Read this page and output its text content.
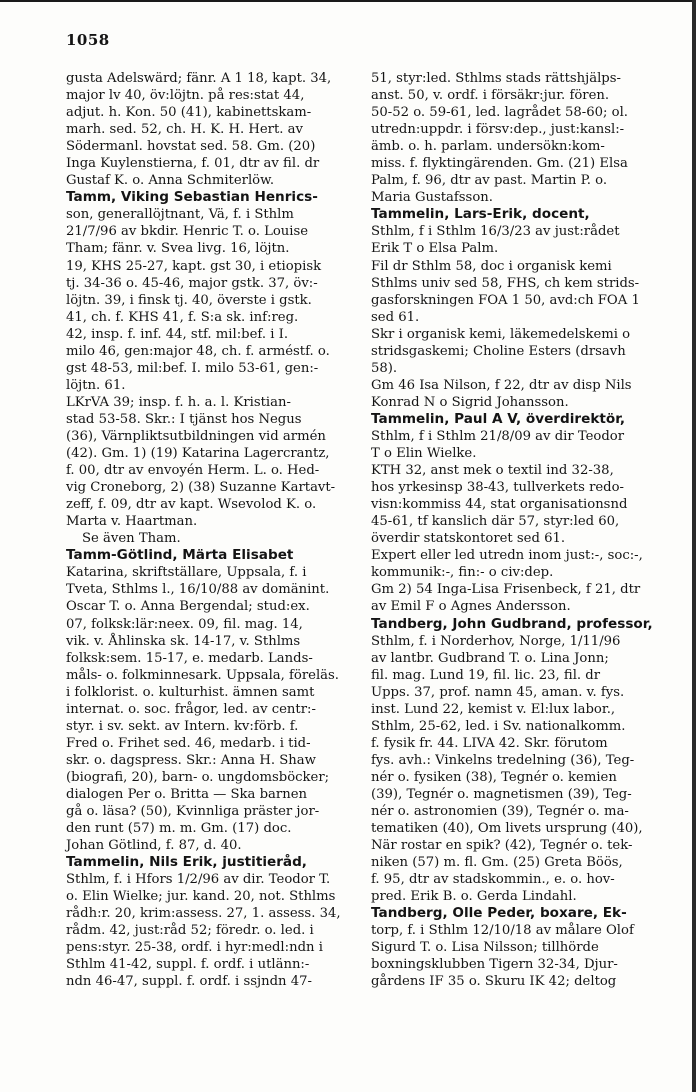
1058
gusta Adelswärd; fänr. A 1 18, kapt. 34,
major lv 40, öv:löjtn. på res:stat 44,
adjut. h. Kon. 50 (41), kabinettskam-
marh. sed. 52, ch. H. K. H. Hert. av
Södermanl. hovstat sed. 58. Gm. (20)
Inga Kuylenstierna, f. 01, dtr av fil. dr
Gustaf K. o. Anna Schmiterlöw.
Tamm, Viking Sebastian Henrics-
son, generallöjtnant, Vä, f. i Sthlm
21/7/96 av bkdir. Henric T. o. Louise
Tham; fänr. v. Svea livg. 16, löjtn.
19, KHS 25-27, kapt. gst 30, i etiopisk
tj. 34-36 o. 45-46, major gstk. 37, öv:-
löjtn. 39, i finsk tj. 40, överste i gstk.
41, ch. f. KHS 41, f. S:a sk. inf:reg.
42, insp. f. inf. 44, stf. mil:bef. i I.
milo 46, gen:major 48, ch. f. arméstf. o.
gst 48-53, mil:bef. I. milo 53-61, gen:-
löjtn. 61.
LKrVA 39; insp. f. h. a. l. Kristian-
stad 53-58. Skr.: I tjänst hos Negus
(36), Värnpliktsutbildningen vid armén
(42). Gm. 1) (19) Katarina Lagercrantz,
f. 00, dtr av envoyén Herm. L. o. Hed-
vig Croneborg, 2) (38) Suzanne Kartavt-
zeff, f. 09, dtr av kapt. Wsevolod K. o.
Marta v. Haartman.
Se även Tham.
Tamm-Götlind, Märta Elisabet
Katarina, skriftställare, Uppsala, f. i
Tveta, Sthlms l., 16/10/88 av domänint.
Oscar T. o. Anna Bergendal; stud:ex.
07, folksk:lär:neex. 09, fil. mag. 14,
vik. v. Åhlinska sk. 14-17, v. Sthlms
folksk:sem. 15-17, e. medarb. Lands-
måls- o. folkminnesark. Uppsala, föreläs.
i folklorist. o. kulturhist. ämnen samt
internat. o. soc. frågor, led. av centr:-
styr. i sv. sekt. av Intern. kv:förb. f.
Fred o. Frihet sed. 46, medarb. i tid-
skr. o. dagspress. Skr.: Anna H. Shaw
(biografi, 20), barn- o. ungdomsböcker;
dialogen Per o. Britta — Ska barnen
gå o. läsa? (50), Kvinnliga präster jor-
den runt (57) m. m. Gm. (17) doc.
Johan Götlind, f. 87, d. 40.
Tammelin, Nils Erik, justitieråd,
Sthlm, f. i Hfors 1/2/96 av dir. Teodor T.
o. Elin Wielke; jur. kand. 20, not. Sthlms
rådh:r. 20, krim:assess. 27, 1. assess. 34,
rådm. 42, just:råd 52; föredr. o. led. i
pens:styr. 25-38, ordf. i hyr:medl:ndn i
Sthlm 41-42, suppl. f. ordf. i utlänn:-
ndn 46-47, suppl. f. ordf. i ssjndn 47-
51, styr:led. Sthlms stads rättshjälps-
anst. 50, v. ordf. i försäkr:jur. fören.
50-52 o. 59-61, led. lagrådet 58-60; ol.
utredn:uppdr. i försv:dep., just:kansl:-
ämb. o. h. parlam. undersökn:kom-
miss. f. flyktingärenden. Gm. (21) Elsa
Palm, f. 96, dtr av past. Martin P. o.
Maria Gustafsson.
Tammelin, Lars-Erik, docent,
Sthlm, f i Sthlm 16/3/23 av just:rådet
Erik T o Elsa Palm.
Fil dr Sthlm 58, doc i organisk kemi
Sthlms univ sed 58, FHS, ch kem strids-
gasforskningen FOA 1 50, avd:ch FOA 1
sed 61.
Skr i organisk kemi, läkemedelskemi o
stridsgaskemi; Choline Esters (drsavh
58).
Gm 46 Isa Nilson, f 22, dtr av disp Nils
Konrad N o Sigrid Johansson.
Tammelin, Paul A V, överdirektör,
Sthlm, f i Sthlm 21/8/09 av dir Teodor
T o Elin Wielke.
KTH 32, anst mek o textil ind 32-38,
hos yrkesinsp 38-43, tullverkets redo-
visn:kommiss 44, stat organisationsnd
45-61, tf kanslich där 57, styr:led 60,
överdir statskontoret sed 61.
Expert eller led utredn inom just:-, soc:-,
kommunik:-, fin:- o civ:dep.
Gm 2) 54 Inga-Lisa Frisenbeck, f 21, dtr
av Emil F o Agnes Andersson.
Tandberg, John Gudbrand, professor,
Sthlm, f. i Norderhov, Norge, 1/11/96
av lantbr. Gudbrand T. o. Lina Jonn;
fil. mag. Lund 19, fil. lic. 23, fil. dr
Upps. 37, prof. namn 45, aman. v. fys.
inst. Lund 22, kemist v. El:lux labor.,
Sthlm, 25-62, led. i Sv. nationalkomm.
f. fysik fr. 44. LIVA 42. Skr. förutom
fys. avh.: Vinkelns tredelning (36), Teg-
nér o. fysiken (38), Tegnér o. kemien
(39), Tegnér o. magnetismen (39), Teg-
nér o. astronomien (39), Tegnér o. ma-
tematiken (40), Om livets ursprung (40),
När rostar en spik? (42), Tegnér o. tek-
niken (57) m. fl. Gm. (25) Greta Böös,
f. 95, dtr av stadskommin., e. o. hov-
pred. Erik B. o. Gerda Lindahl.
Tandberg, Olle Peder, boxare, Ek-
torp, f. i Sthlm 12/10/18 av målare Olof
Sigurd T. o. Lisa Nilsson; tillhörde
boxningsklubben Tigern 32-34, Djur-
gårdens IF 35 o. Skuru IK 42; deltog
